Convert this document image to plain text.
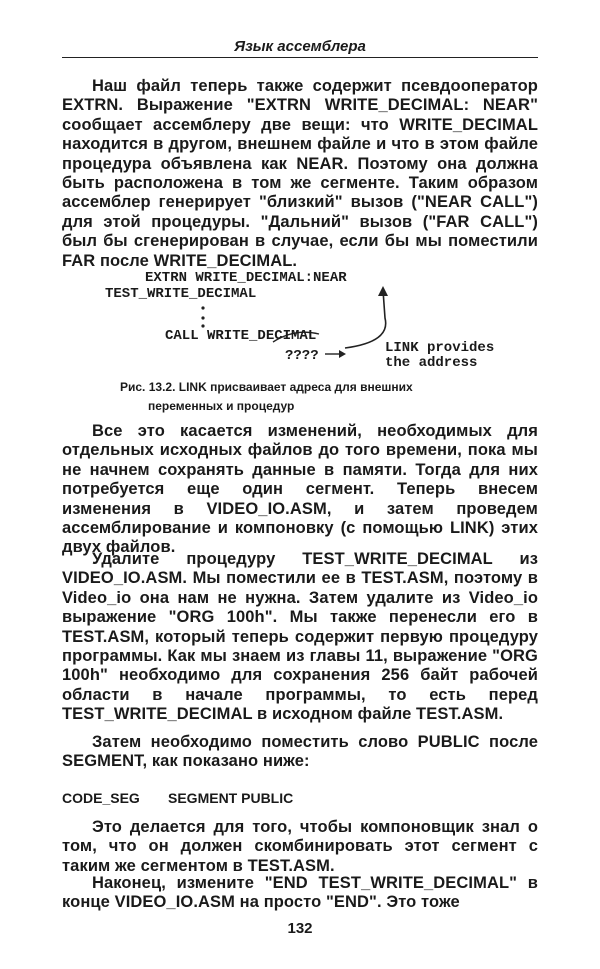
Язык ассемблера

Наш файл теперь также содержит псевдооператор EXTRN. Выражение "EXTRN WRITE_DECIMAL: NEAR" сообщает ассемблеру две вещи: что WRITE_DECIMAL находится в другом, внешнем файле и что в этом файле процедура объявлена как NEAR. Поэтому она должна быть расположена в том же сегменте. Таким образом ассемблер генерирует "близкий" вызов ("NEAR CALL") для этой процедуры. "Дальний" вызов ("FAR CALL") был бы сгенерирован в случае, если бы мы поместили FAR после WRITE_DECIMAL.

EXTRN WRITE_DECIMAL:NEAR
TEST_WRITE_DECIMAL
CALL WRITE_DECIMAL
????	LINK provides
the address

Рис. 13.2. LINK присваивает адреса для внешних
переменных и процедур

Все это касается изменений, необходимых для отдельных исходных файлов до того времени, пока мы не начнем сохранять данные в памяти. Тогда для них потребуется еще один сегмент. Теперь внесем изменения в VIDEO_IO.ASM, и затем проведем ассемблирование и компоновку (с помощью LINK) этих двух файлов.

Удалите процедуру TEST_WRITE_DECIMAL из VIDEO_IO.ASM. Мы поместили ее в TEST.ASM, поэтому в Video_io она нам не нужна. Затем удалите из Video_io выражение "ORG 100h". Мы также перенесли его в TEST.ASM, который теперь содержит первую процедуру программы. Как мы знаем из главы 11, выражение "ORG 100h" необходимо для сохранения 256 байт рабочей области в начале программы, то есть перед TEST_WRITE_DECIMAL в исходном файле TEST.ASM.

Затем необходимо поместить слово PUBLIC после SEGMENT, как показано ниже:

CODE_SEG SEGMENT PUBLIC

Это делается для того, чтобы компоновщик знал о том, что он должен скомбинировать этот сегмент с таким же сегментом в TEST.ASM.

Наконец, измените "END TEST_WRITE_DECIMAL" в конце VIDEO_IO.ASM на просто "END". Это тоже

132
